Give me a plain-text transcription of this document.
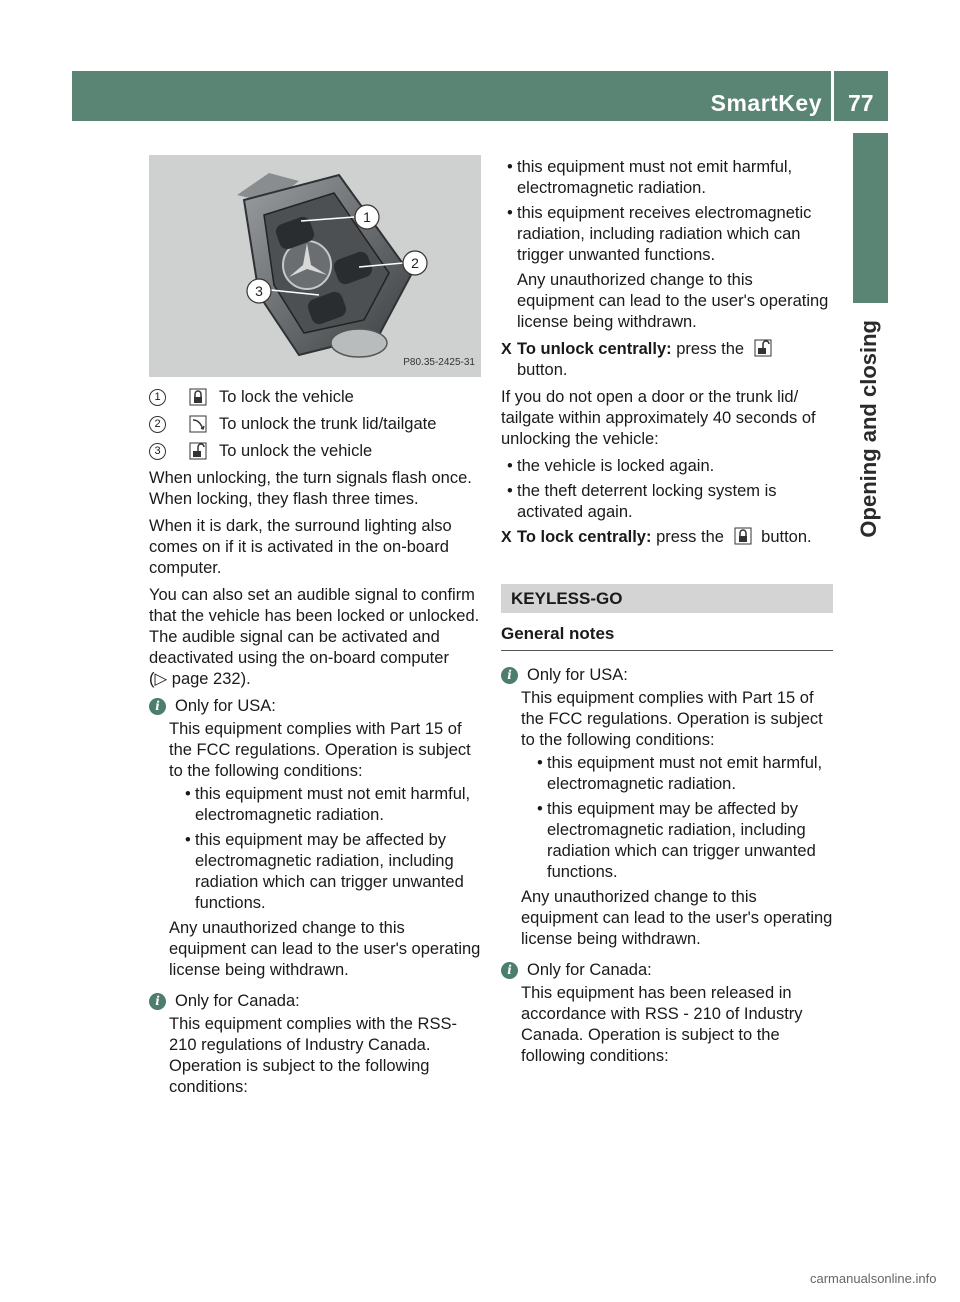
SmartKey 77
Opening and closing
1
2
3
P80.35-2425-31
1	To lock the vehicle
2	To unlock the trunk lid/tailgate
3	To unlock the vehicle

When unlocking, the turn signals flash once. When locking, they flash three times.

When it is dark, the surround lighting also comes on if it is activated in the on-board computer.

You can also set an audible signal to confirm that the vehicle has been locked or unlocked. The audible signal can be activated and deactivated using the on-board computer
(▷ page 232).

i Only for USA:
This equipment complies with Part 15 of the FCC regulations. Operation is subject to the following conditions:
• this equipment must not emit harmful, electromagnetic radiation.
• this equipment may be affected by electromagnetic radiation, including radiation which can trigger unwanted functions.
Any unauthorized change to this equipment can lead to the user's operating license being withdrawn.
i Only for Canada:
This equipment complies with the RSS-210 regulations of Industry Canada. Operation is subject to the following conditions:
• this equipment must not emit harmful, electromagnetic radiation.
• this equipment receives electromagnetic radiation, including radiation which can trigger unwanted functions.

Any unauthorized change to this equipment can lead to the user's operating license being withdrawn.

X To unlock centrally: press the
button.

If you do not open a door or the trunk lid/ tailgate within approximately 40 seconds of unlocking the vehicle:

• the vehicle is locked again.
• the theft deterrent locking system is activated again.
X To lock centrally: press the button.
KEYLESS-GO
General notes
i Only for USA:
This equipment complies with Part 15 of the FCC regulations. Operation is subject to the following conditions:
• this equipment must not emit harmful, electromagnetic radiation.
• this equipment may be affected by electromagnetic radiation, including radiation which can trigger unwanted functions.
Any unauthorized change to this equipment can lead to the user's operating license being withdrawn.
i Only for Canada:
This equipment has been released in accordance with RSS - 210 of Industry Canada. Operation is subject to the following conditions:
carmanualsonline.info
